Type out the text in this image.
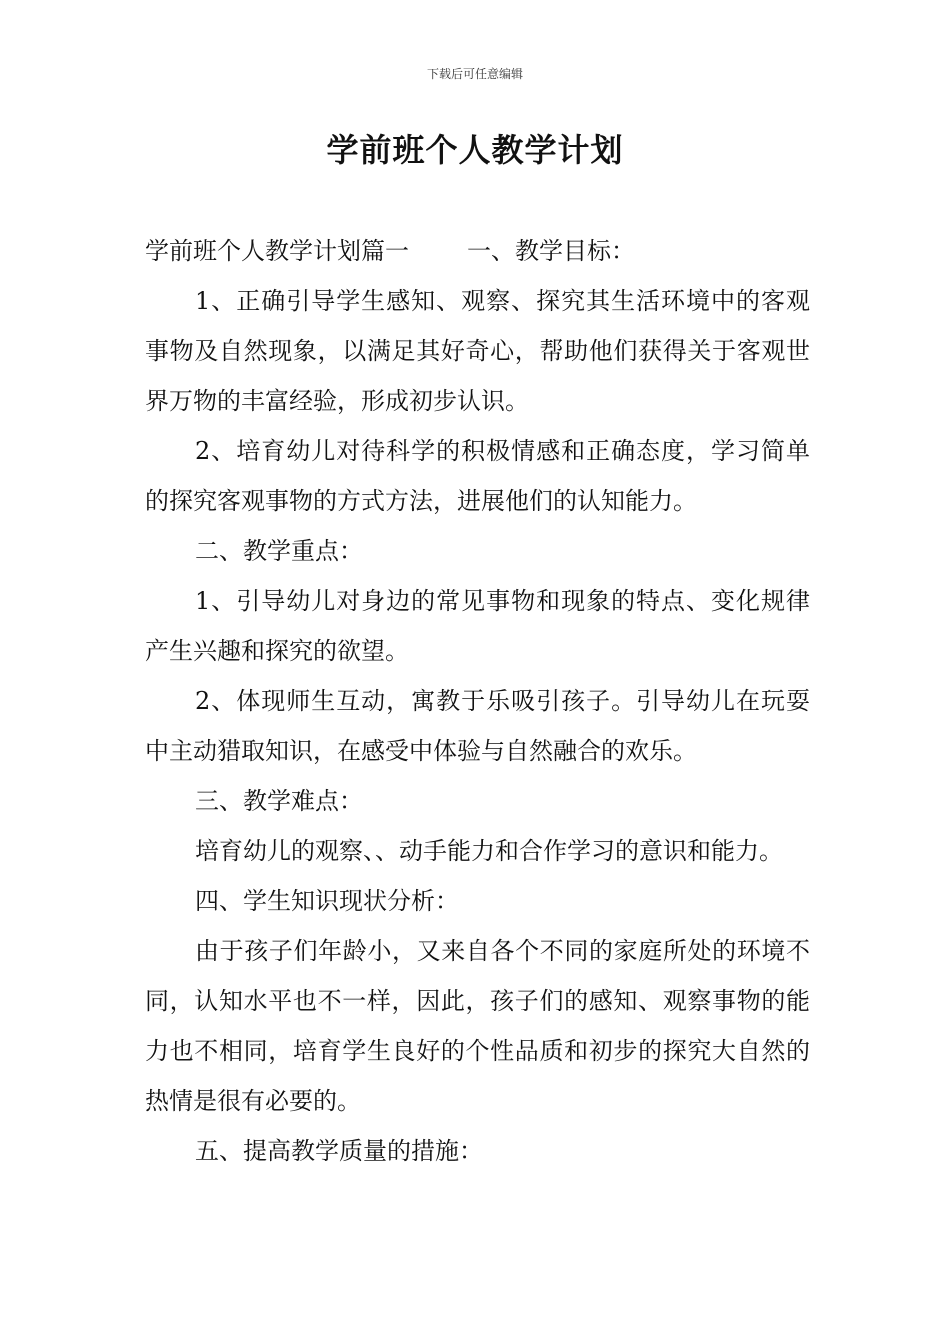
下载后可任意编辑
学前班个人教学计划

学前班个人教学计划篇一 一、教学目标：

1、正确引导学生感知、观察、探究其生活环境中的客观事物及自然现象，以满足其好奇心，帮助他们获得关于客观世界万物的丰富经验，形成初步认识。

2、培育幼儿对待科学的积极情感和正确态度，学习简单的探究客观事物的方式方法，进展他们的认知能力。

二、教学重点：

1、引导幼儿对身边的常见事物和现象的特点、变化规律产生兴趣和探究的欲望。

2、体现师生互动，寓教于乐吸引孩子。引导幼儿在玩耍中主动猎取知识，在感受中体验与自然融合的欢乐。

三、教学难点：

培育幼儿的观察、、动手能力和合作学习的意识和能力。

四、学生知识现状分析：

由于孩子们年龄小，又来自各个不同的家庭所处的环境不同，认知水平也不一样，因此，孩子们的感知、观察事物的能力也不相同，培育学生良好的个性品质和初步的探究大自然的热情是很有必要的。

五、提高教学质量的措施：
